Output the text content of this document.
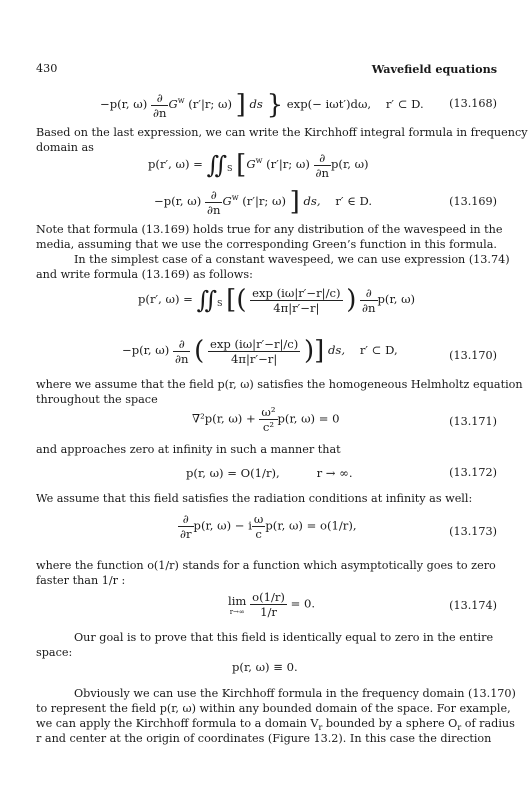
430	Wavefield equations
−p(r, $\omega) \frac{\partial}{\partial n} G^w$ (r′|r; ω) ] ds } exp(− iωt′)dω, r′ ⊂ D. (13.168)
Based on the last expression, we can write the Kirchhoff integral formula in frequency
domain as
p(r′, $\omega) = ∬_S$ [$G^w$ (r′|r; $\omega) \frac{\partial}{\partial n} p(r$, ω)
−p(r, $\omega) \frac{\partial}{\partial n} G^w$ (r′|r; ω) ] ds, r′ ∈ D.	(13.169)
Note that formula (13.169) holds true for any distribution of the wavespeed in the
media, assuming that we use the corresponding Green’s function in this formula.
In the simplest case of a constant wavespeed, we can use expression (13.74)
and write formula (13.169) as follows:
p(r′, $\omega) = ∬_S$ [( $\frac{\exp (i\omega|r'-r|/c)}{4\pi|r'-r|}$ ) $\frac{\partial}{\partial n} p(r$, ω)
−p(r, $\omega) \frac{\partial}{\partial n}$ ( $\frac{\exp (i\omega|r'-r|/c)}{4\pi|r'-r|}$ )] ds, r′ ⊂ D,	(13.170)
where we assume that the field p(r, ω) satisfies the homogeneous Helmholtz equation
throughout the space
∇²p(r, $\omega) + \frac{\text{ω²}}{\text{c²}} p(r$, ω) = 0	(13.171)
and approaches zero at infinity in such a manner that
p(r, ω) = O(1/r),	r → ∞.	(13.172)
We assume that this field satisfies the radiation conditions at infinity as well:
$\frac{\partial}{\partial r} p(r$, ω) − i $\frac{\omega}{c} p(r$, ω) = o(1/r),	(13.173)
where the function o(1/r) stands for a function which asymptotically goes to zero
faster than 1/r :
lim
r→∞
$\frac{o(1/r)}{1/r} = 0$.	(13.174)
Our goal is to prove that this field is identically equal to zero in the entire
space:
p(r, ω) ≡ 0.
Obviously we can use the Kirchhoff formula in the frequency domain (13.170)
to represent the field p(r, ω) within any bounded domain of the space. For example,
we can apply the Kirchhoff formula to a domain $V_r$ bounded by a sphere $O_r$ of radius
r and center at the origin of coordinates (Figure 13.2). In this case the direction
